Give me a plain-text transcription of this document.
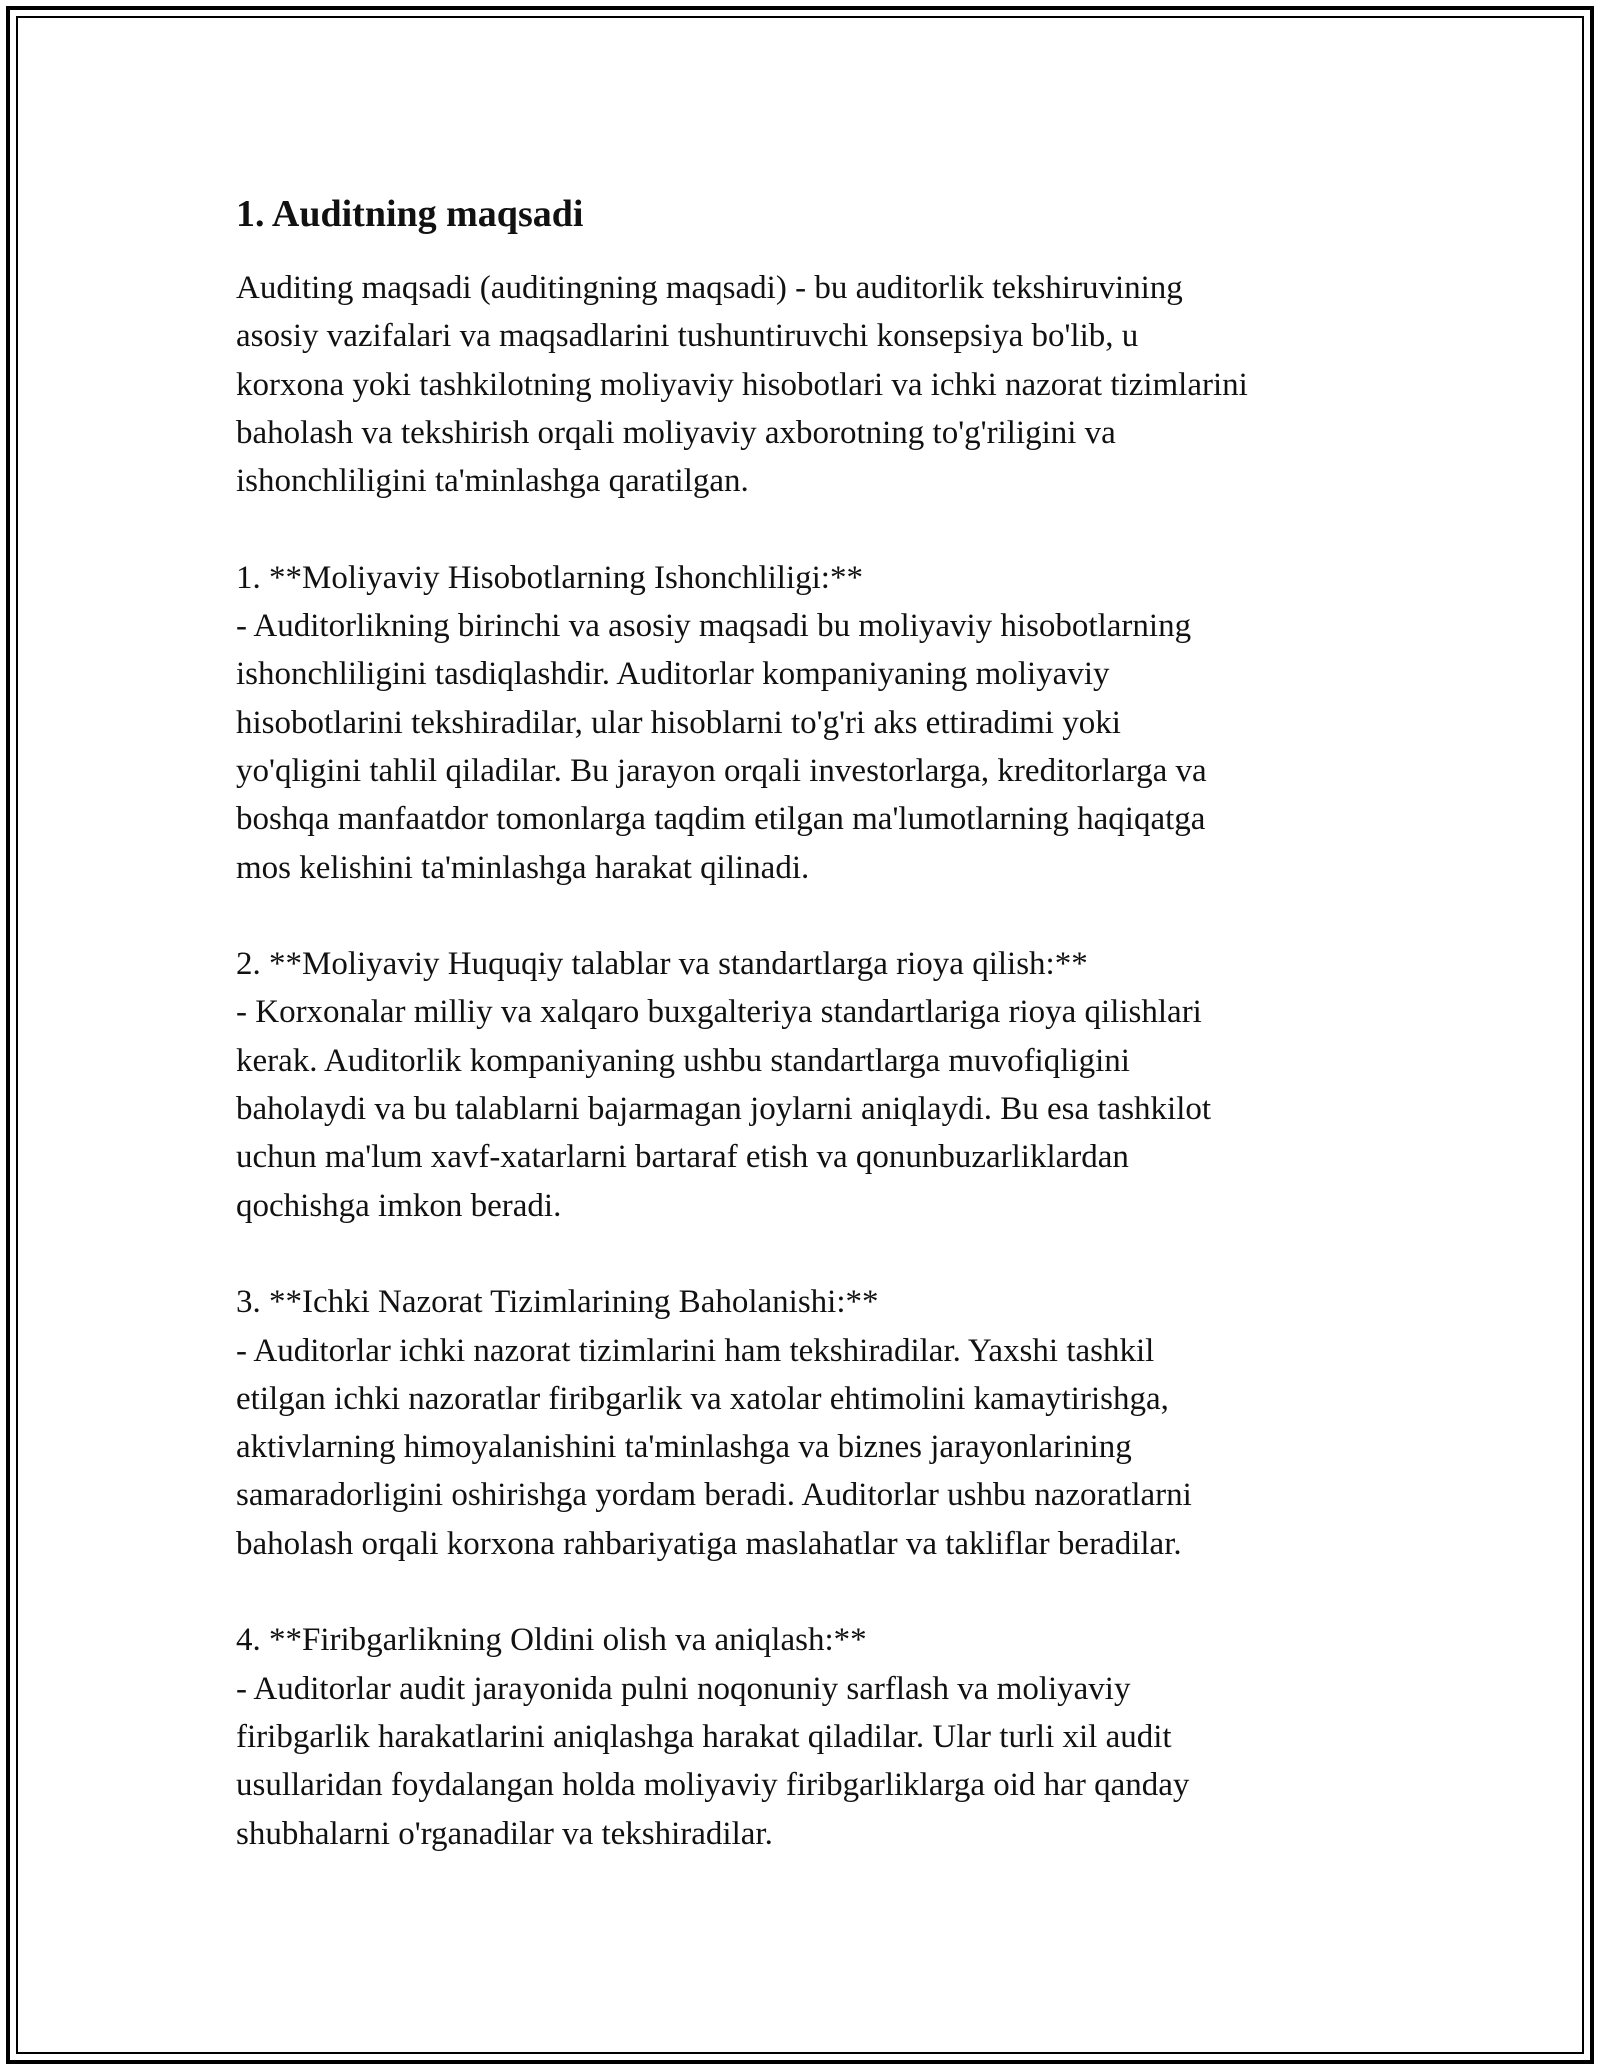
1. Auditning maqsadi

Auditing maqsadi (auditingning maqsadi) - bu auditorlik tekshiruvining
asosiy vazifalari va maqsadlarini tushuntiruvchi konsepsiya bo'lib, u
korxona yoki tashkilotning moliyaviy hisobotlari va ichki nazorat tizimlarini
baholash va tekshirish orqali moliyaviy axborotning to'g'riligini va
ishonchliligini ta'minlashga qaratilgan.

1. **Moliyaviy Hisobotlarning Ishonchliligi:**

- Auditorlikning birinchi va asosiy maqsadi bu moliyaviy hisobotlarning
ishonchliligini tasdiqlashdir. Auditorlar kompaniyaning moliyaviy
hisobotlarini tekshiradilar, ular hisoblarni to'g'ri aks ettiradimi yoki
yo'qligini tahlil qiladilar. Bu jarayon orqali investorlarga, kreditorlarga va
boshqa manfaatdor tomonlarga taqdim etilgan ma'lumotlarning haqiqatga
mos kelishini ta'minlashga harakat qilinadi.

2. **Moliyaviy Huquqiy talablar va standartlarga rioya qilish:**

- Korxonalar milliy va xalqaro buxgalteriya standartlariga rioya qilishlari
kerak. Auditorlik kompaniyaning ushbu standartlarga muvofiqligini
baholaydi va bu talablarni bajarmagan joylarni aniqlaydi. Bu esa tashkilot
uchun ma'lum xavf-xatarlarni bartaraf etish va qonunbuzarliklardan
qochishga imkon beradi.

3. **Ichki Nazorat Tizimlarining Baholanishi:**

- Auditorlar ichki nazorat tizimlarini ham tekshiradilar. Yaxshi tashkil
etilgan ichki nazoratlar firibgarlik va xatolar ehtimolini kamaytirishga,
aktivlarning himoyalanishini ta'minlashga va biznes jarayonlarining
samaradorligini oshirishga yordam beradi. Auditorlar ushbu nazoratlarni
baholash orqali korxona rahbariyatiga maslahatlar va takliflar beradilar.

4. **Firibgarlikning Oldini olish va aniqlash:**

- Auditorlar audit jarayonida pulni noqonuniy sarflash va moliyaviy
firibgarlik harakatlarini aniqlashga harakat qiladilar. Ular turli xil audit
usullaridan foydalangan holda moliyaviy firibgarliklarga oid har qanday
shubhalarni o'rganadilar va tekshiradilar.
